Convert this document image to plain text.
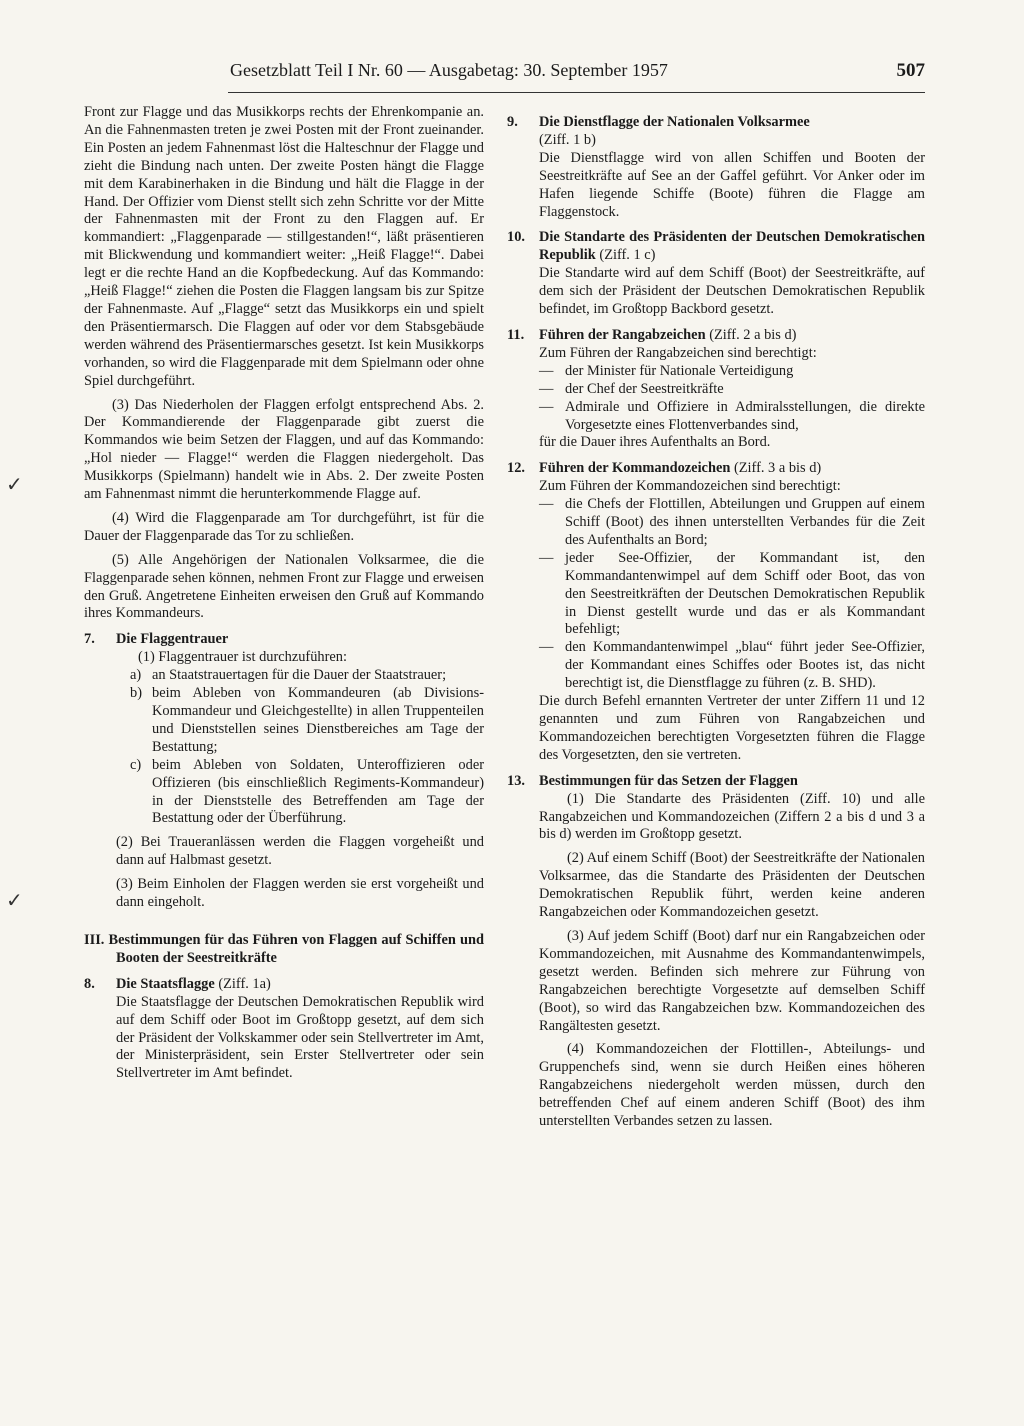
Gesetzblatt Teil I Nr. 60 — Ausgabetag: 30. September 1957	507
✓
✓

Front zur Flagge und das Musikkorps rechts der Ehrenkompanie an. An die Fahnenmasten treten je zwei Posten mit der Front zueinander. Ein Posten an jedem Fahnenmast löst die Halteschnur der Flagge und zieht die Bindung nach unten. Der zweite Posten hängt die Flagge mit dem Karabinerhaken in die Bindung und hält die Flagge in der Hand. Der Offizier vom Dienst stellt sich zehn Schritte vor der Mitte der Fahnenmasten mit der Front zu den Flaggen auf. Er kommandiert: „Flaggenparade — stillgestanden!“, läßt präsentieren mit Blickwendung und kommandiert weiter: „Heiß Flagge!“. Dabei legt er die rechte Hand an die Kopfbedeckung. Auf das Kommando: „Heiß Flagge!“ ziehen die Posten die Flaggen langsam bis zur Spitze der Fahnenmaste. Auf „Flagge“ setzt das Musikkorps ein und spielt den Präsentiermarsch. Die Flaggen auf oder vor dem Stabsgebäude werden während des Präsentiermarsches gesetzt. Ist kein Musikkorps vorhanden, so wird die Flaggenparade mit dem Spielmann oder ohne Spiel durchgeführt.

(3) Das Niederholen der Flaggen erfolgt entsprechend Abs. 2. Der Kommandierende der Flaggenparade gibt zuerst die Kommandos wie beim Setzen der Flaggen, und auf das Kommando: „Hol nieder — Flagge!“ werden die Flaggen niedergeholt. Das Musikkorps (Spielmann) handelt wie in Abs. 2. Der zweite Posten am Fahnenmast nimmt die herunterkommende Flagge auf.

(4) Wird die Flaggenparade am Tor durchgeführt, ist für die Dauer der Flaggenparade das Tor zu schließen.

(5) Alle Angehörigen der Nationalen Volksarmee, die die Flaggenparade sehen können, nehmen Front zur Flagge und erweisen den Gruß. Angetretene Einheiten erweisen den Gruß auf Kommando ihres Kommandeurs.

7. Die Flaggentrauer

(1) Flaggentrauer ist durchzuführen:

a) an Staatstrauertagen für die Dauer der Staatstrauer;

b) beim Ableben von Kommandeuren (ab Divisions-Kommandeur und Gleichgestellte) in allen Truppenteilen und Dienststellen seines Dienstbereiches am Tage der Bestattung;

c) beim Ableben von Soldaten, Unteroffizieren oder Offizieren (bis einschließlich Regiments-Kommandeur) in der Dienststelle des Betreffenden am Tage der Bestattung oder der Überführung.

(2) Bei Traueranlässen werden die Flaggen vorgeheißt und dann auf Halbmast gesetzt.

(3) Beim Einholen der Flaggen werden sie erst vorgeheißt und dann eingeholt.

III. Bestimmungen für das Führen von Flaggen auf Schiffen und Booten der Seestreitkräfte

8. Die Staatsflagge (Ziff. 1a)

Die Staatsflagge der Deutschen Demokratischen Republik wird auf dem Schiff oder Boot im Großtopp gesetzt, auf dem sich der Präsident der Volkskammer oder sein Stellvertreter im Amt, der Ministerpräsident, sein Erster Stellvertreter oder sein Stellvertreter im Amt befindet.

9. Die Dienstflagge der Nationalen Volksarmee
(Ziff. 1 b)

Die Dienstflagge wird von allen Schiffen und Booten der Seestreitkräfte auf See an der Gaffel geführt. Vor Anker oder im Hafen liegende Schiffe (Boote) führen die Flagge am Flaggenstock.

10. Die Standarte des Präsidenten der Deutschen Demokratischen Republik (Ziff. 1 c)

Die Standarte wird auf dem Schiff (Boot) der Seestreitkräfte, auf dem sich der Präsident der Deutschen Demokratischen Republik befindet, im Großtopp Backbord gesetzt.

11. Führen der Rangabzeichen (Ziff. 2 a bis d)

Zum Führen der Rangabzeichen sind berechtigt:

— der Minister für Nationale Verteidigung

— der Chef der Seestreitkräfte

— Admirale und Offiziere in Admiralsstellungen, die direkte Vorgesetzte eines Flottenverbandes sind,

für die Dauer ihres Aufenthalts an Bord.

12. Führen der Kommandozeichen (Ziff. 3 a bis d)

Zum Führen der Kommandozeichen sind berechtigt:

— die Chefs der Flottillen, Abteilungen und Gruppen auf einem Schiff (Boot) des ihnen unterstellten Verbandes für die Zeit des Aufenthalts an Bord;

— jeder See-Offizier, der Kommandant ist, den Kommandantenwimpel auf dem Schiff oder Boot, das von den Seestreitkräften der Deutschen Demokratischen Republik in Dienst gestellt wurde und das er als Kommandant befehligt;

— den Kommandantenwimpel „blau“ führt jeder See-Offizier, der Kommandant eines Schiffes oder Bootes ist, das nicht berechtigt ist, die Dienstflagge zu führen (z. B. SHD).

Die durch Befehl ernannten Vertreter der unter Ziffern 11 und 12 genannten und zum Führen von Rangabzeichen und Kommandozeichen berechtigten Vorgesetzten führen die Flagge des Vorgesetzten, den sie vertreten.

13. Bestimmungen für das Setzen der Flaggen

(1) Die Standarte des Präsidenten (Ziff. 10) und alle Rangabzeichen und Kommandozeichen (Ziffern 2 a bis d und 3 a bis d) werden im Großtopp gesetzt.

(2) Auf einem Schiff (Boot) der Seestreitkräfte der Nationalen Volksarmee, das die Standarte des Präsidenten der Deutschen Demokratischen Republik führt, werden keine anderen Rangabzeichen oder Kommandozeichen gesetzt.

(3) Auf jedem Schiff (Boot) darf nur ein Rangabzeichen oder Kommandozeichen, mit Ausnahme des Kommandantenwimpels, gesetzt werden. Befinden sich mehrere zur Führung von Rangabzeichen berechtigte Vorgesetzte auf demselben Schiff (Boot), so wird das Rangabzeichen bzw. Kommandozeichen des Rangältesten gesetzt.

(4) Kommandozeichen der Flottillen-, Abteilungs- und Gruppenchefs sind, wenn sie durch Heißen eines höheren Rangabzeichens niedergeholt werden müssen, durch den betreffenden Chef auf einem anderen Schiff (Boot) des ihm unterstellten Verbandes setzen zu lassen.
